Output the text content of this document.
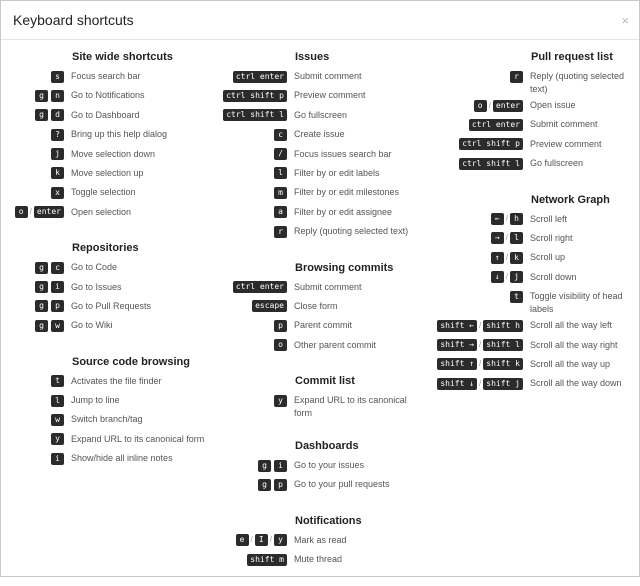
Keyboard shortcuts	×
Site wide shortcuts
s	Focus search bar
g	n	Go to Notifications
g	d	Go to Dashboard
?	Bring up this help dialog
j	Move selection down
k	Move selection up
x	Toggle selection
o / enter	Open selection
Repositories
g	c	Go to Code
g	i	Go to Issues
g	p	Go to Pull Requests
g	w	Go to Wiki
Source code browsing
t	Activates the file finder
l	Jump to line
w	Switch branch/tag
y	Expand URL to its canonical form
i	Show/hide all inline notes
Issues
ctrl enter	Submit comment
ctrl shift p	Preview comment
ctrl shift l	Go fullscreen
c	Create issue
/	Focus issues search bar
l	Filter by or edit labels
m	Filter by or edit milestones
a	Filter by or edit assignee
r	Reply (quoting selected text)
Browsing commits
ctrl enter	Submit comment
escape	Close form
p	Parent commit
o	Other parent commit
Commit list
y	Expand URL to its canonical form
Dashboards
g	i	Go to your issues
g	p	Go to your pull requests
Notifications
e / I / y	Mark as read
shift m	Mute thread
Pull request list
r	Reply (quoting selected text)
o / enter	Open issue
ctrl enter	Submit comment
ctrl shift p	Preview comment
ctrl shift l	Go fullscreen
Network Graph
← / h	Scroll left
→ / l	Scroll right
↑ / k	Scroll up
↓ / j	Scroll down
t	Toggle visibility of head labels
shift ← / shift h	Scroll all the way left
shift → / shift l	Scroll all the way right
shift ↑ / shift k	Scroll all the way up
shift ↓ / shift j	Scroll all the way down
